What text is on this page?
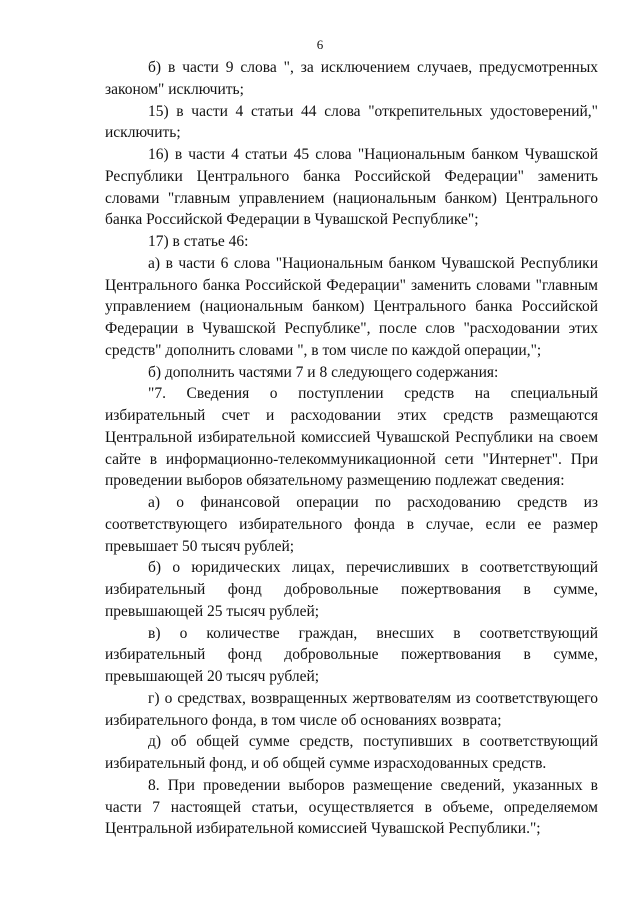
6

б) в части 9 слова ", за исключением случаев, предусмотренных законом" исключить;

15) в части 4 статьи 44 слова "открепительных удостоверений," исключить;

16) в части 4 статьи 45 слова "Национальным банком Чувашской Республики Центрального банка Российской Федерации" заменить словами "главным управлением (национальным банком) Центрального банка Российской Федерации в Чувашской Республике";

17) в статье 46:

а) в части 6 слова "Национальным банком Чувашской Республики Центрального банка Российской Федерации" заменить словами "главным управлением (национальным банком) Центрального банка Российской Федерации в Чувашской Республике", после слов "расходовании этих средств" дополнить словами ", в том числе по каждой операции,";

б) дополнить частями 7 и 8 следующего содержания:

"7. Сведения о поступлении средств на специальный избирательный счет и расходовании этих средств размещаются Центральной избирательной комиссией Чувашской Республики на своем сайте в информационно-телекоммуникационной сети "Интернет". При проведении выборов обязательному размещению подлежат сведения:

а) о финансовой операции по расходованию средств из соответствующего избирательного фонда в случае, если ее размер превышает 50 тысяч рублей;

б) о юридических лицах, перечисливших в соответствующий избирательный фонд добровольные пожертвования в сумме, превышающей 25 тысяч рублей;

в) о количестве граждан, внесших в соответствующий избирательный фонд добровольные пожертвования в сумме, превышающей 20 тысяч рублей;

г) о средствах, возвращенных жертвователям из соответствующего избирательного фонда, в том числе об основаниях возврата;

д) об общей сумме средств, поступивших в соответствующий избирательный фонд, и об общей сумме израсходованных средств.

8. При проведении выборов размещение сведений, указанных в части 7 настоящей статьи, осуществляется в объеме, определяемом Центральной избирательной комиссией Чувашской Республики.";
